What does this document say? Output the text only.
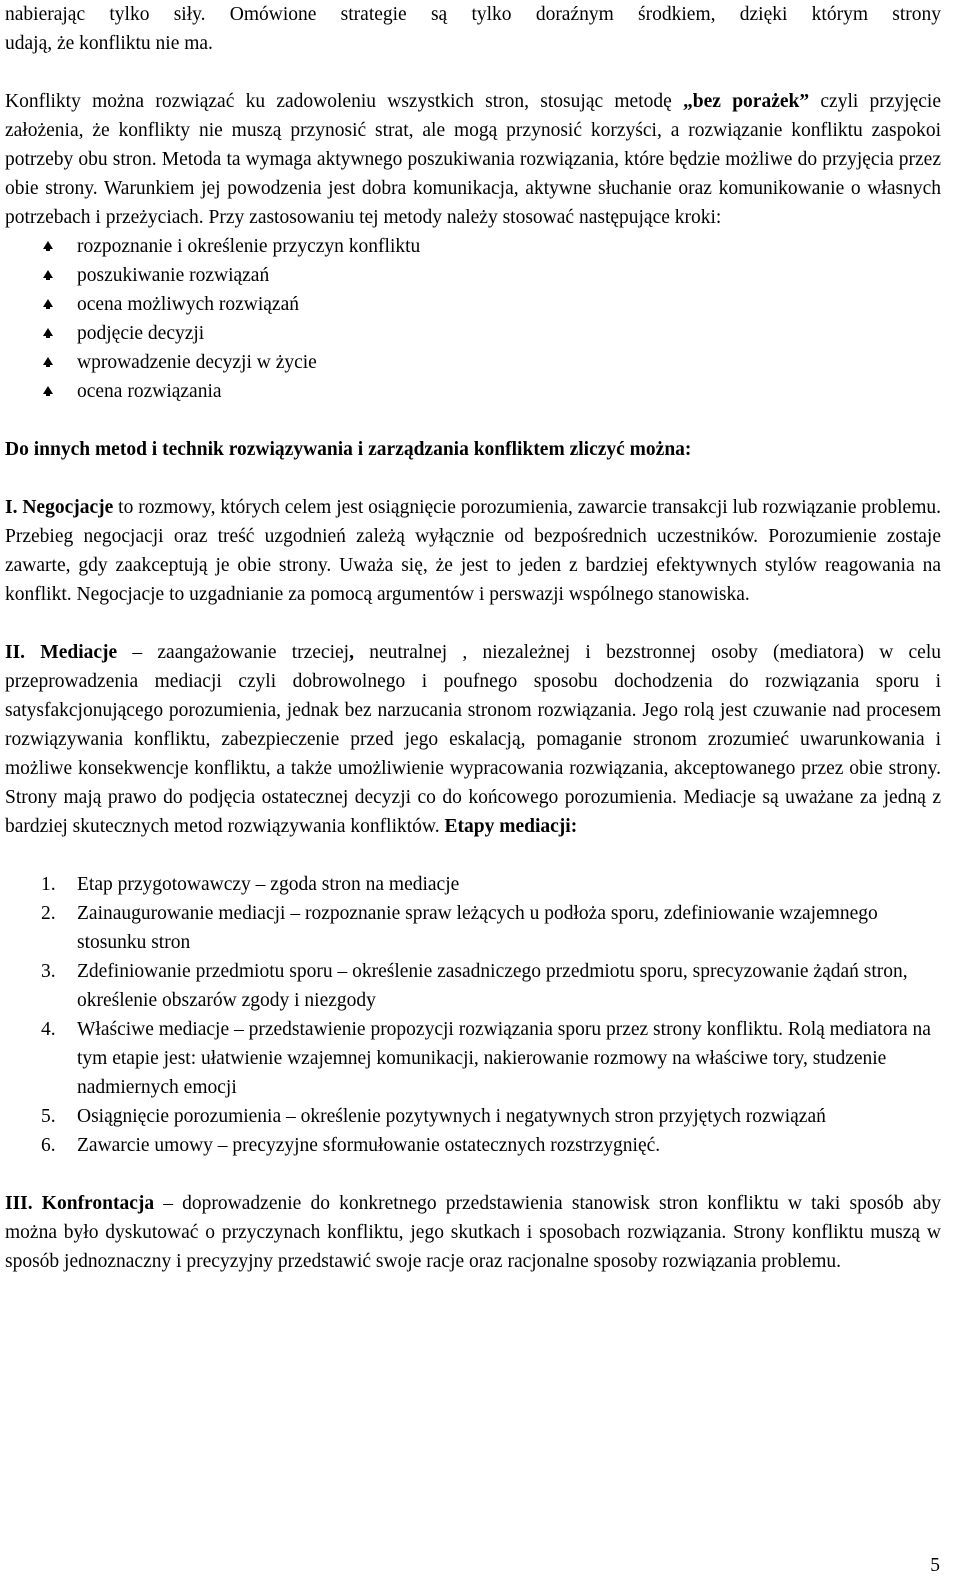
nabierając tylko siły. Omówione strategie są tylko doraźnym środkiem, dzięki którym strony

udają, że konfliktu nie ma.

Konflikty można rozwiązać ku zadowoleniu wszystkich stron, stosując metodę „bez porażek” czyli przyjęcie założenia, że konflikty nie muszą przynosić strat, ale mogą przynosić korzyści, a rozwiązanie konfliktu zaspokoi potrzeby obu stron. Metoda ta wymaga aktywnego poszukiwania rozwiązania, które będzie możliwe do przyjęcia przez obie strony. Warunkiem jej powodzenia jest dobra komunikacja, aktywne słuchanie oraz komunikowanie o własnych potrzebach i przeżyciach. Przy zastosowaniu tej metody należy stosować następujące kroki:

rozpoznanie i określenie przyczyn konfliktu
poszukiwanie rozwiązań
ocena możliwych rozwiązań
podjęcie decyzji
wprowadzenie decyzji w życie
ocena rozwiązania

Do innych metod i technik rozwiązywania i zarządzania konfliktem zliczyć można:

I. Negocjacje to rozmowy, których celem jest osiągnięcie porozumienia, zawarcie transakcji lub rozwiązanie problemu. Przebieg negocjacji oraz treść uzgodnień zależą wyłącznie od bezpośrednich uczestników. Porozumienie zostaje zawarte, gdy zaakceptują je obie strony. Uważa się, że jest to jeden z bardziej efektywnych stylów reagowania na konflikt. Negocjacje to uzgadnianie za pomocą argumentów i perswazji wspólnego stanowiska.

II. Mediacje – zaangażowanie trzeciej, neutralnej , niezależnej i bezstronnej osoby (mediatora) w celu przeprowadzenia mediacji czyli dobrowolnego i poufnego sposobu dochodzenia do rozwiązania sporu i satysfakcjonującego porozumienia, jednak bez narzucania stronom rozwiązania. Jego rolą jest czuwanie nad procesem rozwiązywania konfliktu, zabezpieczenie przed jego eskalacją, pomaganie stronom zrozumieć uwarunkowania i możliwe konsekwencje konfliktu, a także umożliwienie wypracowania rozwiązania, akceptowanego przez obie strony. Strony mają prawo do podjęcia ostatecznej decyzji co do końcowego porozumienia. Mediacje są uważane za jedną z bardziej skutecznych metod rozwiązywania konfliktów. Etapy mediacji:

1. Etap przygotowawczy – zgoda stron na mediacje
2. Zainaugurowanie mediacji – rozpoznanie spraw leżących u podłoża sporu, zdefiniowanie wzajemnego stosunku stron
3. Zdefiniowanie przedmiotu sporu – określenie zasadniczego przedmiotu sporu, sprecyzowanie żądań stron, określenie obszarów zgody i niezgody
4. Właściwe mediacje – przedstawienie propozycji rozwiązania sporu przez strony konfliktu. Rolą mediatora na tym etapie jest: ułatwienie wzajemnej komunikacji, nakierowanie rozmowy na właściwe tory, studzenie nadmiernych emocji
5. Osiągnięcie porozumienia – określenie pozytywnych i negatywnych stron przyjętych rozwiązań
6. Zawarcie umowy – precyzyjne sformułowanie ostatecznych rozstrzygnięć.

III. Konfrontacja – doprowadzenie do konkretnego przedstawienia stanowisk stron konfliktu w taki sposób aby można było dyskutować o przyczynach konfliktu, jego skutkach i sposobach rozwiązania. Strony konfliktu muszą w sposób jednoznaczny i precyzyjny przedstawić swoje racje oraz racjonalne sposoby rozwiązania problemu.

5
